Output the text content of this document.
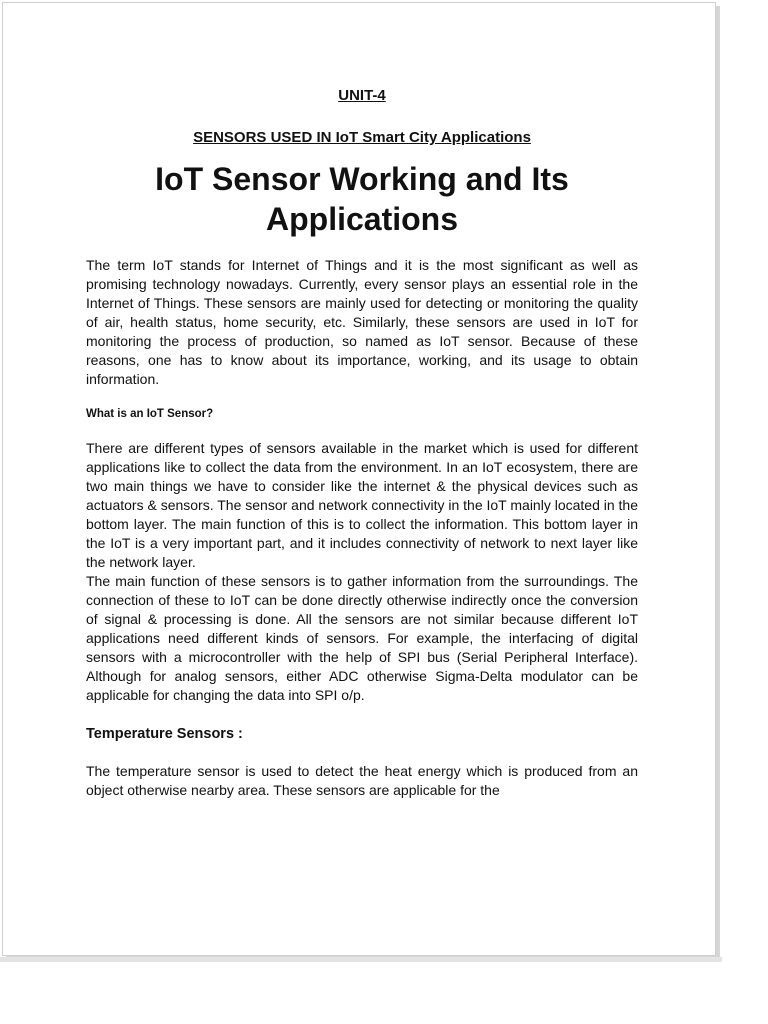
UNIT-4
SENSORS USED IN IoT Smart City Applications
IoT Sensor Working and Its Applications

The term IoT stands for Internet of Things and it is the most significant as well as promising technology nowadays. Currently, every sensor plays an essential role in the Internet of Things. These sensors are mainly used for detecting or monitoring the quality of air, health status, home security, etc. Similarly, these sensors are used in IoT for monitoring the process of production, so named as IoT sensor. Because of these reasons, one has to know about its importance, working, and its usage to obtain information.

What is an IoT Sensor?

There are different types of sensors available in the market which is used for different applications like to collect the data from the environment. In an IoT ecosystem, there are two main things we have to consider like the internet & the physical devices such as actuators & sensors. The sensor and network connectivity in the IoT mainly located in the bottom layer. The main function of this is to collect the information. This bottom layer in the IoT is a very important part, and it includes connectivity of network to next layer like the network layer.

The main function of these sensors is to gather information from the surroundings. The connection of these to IoT can be done directly otherwise indirectly once the conversion of signal & processing is done. All the sensors are not similar because different IoT applications need different kinds of sensors. For example, the interfacing of digital sensors with a microcontroller with the help of SPI bus (Serial Peripheral Interface). Although for analog sensors, either ADC otherwise Sigma-Delta modulator can be applicable for changing the data into SPI o/p.

Temperature Sensors :

The temperature sensor is used to detect the heat energy which is produced from an object otherwise nearby area. These sensors are applicable for the
